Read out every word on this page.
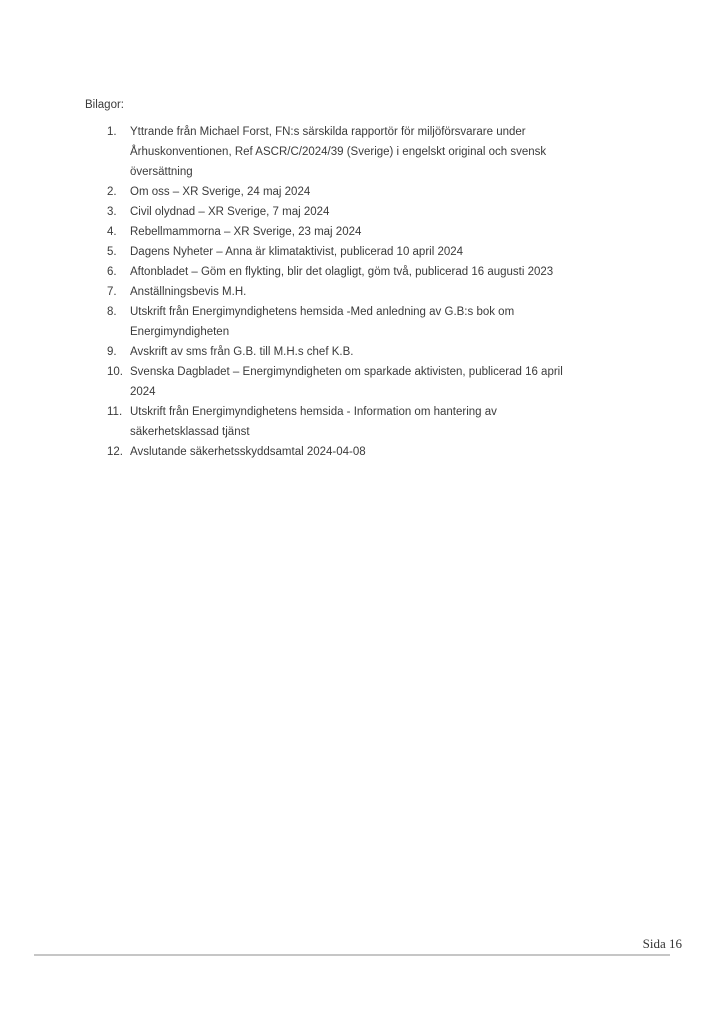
Bilagor:

1.	Yttrande från Michael Forst, FN:s särskilda rapportör för miljöförsvarare under Århuskonventionen, Ref ASCR/C/2024/39 (Sverige) i engelskt original och svensk översättning
2.	Om oss – XR Sverige, 24 maj 2024
3.	Civil olydnad – XR Sverige, 7 maj 2024
4.	Rebellmammorna – XR Sverige, 23 maj 2024
5.	Dagens Nyheter – Anna är klimataktivist, publicerad 10 april 2024
6.	Aftonbladet – Göm en flykting, blir det olagligt, göm två, publicerad 16 augusti 2023
7.	Anställningsbevis M.H.
8.	Utskrift från Energimyndighetens hemsida -Med anledning av G.B:s bok om Energimyndigheten
9.	Avskrift av sms från G.B. till M.H.s chef K.B.
10. Svenska Dagbladet – Energimyndigheten om sparkade aktivisten, publicerad 16 april 2024
11. Utskrift från Energimyndighetens hemsida - Information om hantering av säkerhetsklassad tjänst
12. Avslutande säkerhetsskyddsamtal 2024-04-08
Sida 16
